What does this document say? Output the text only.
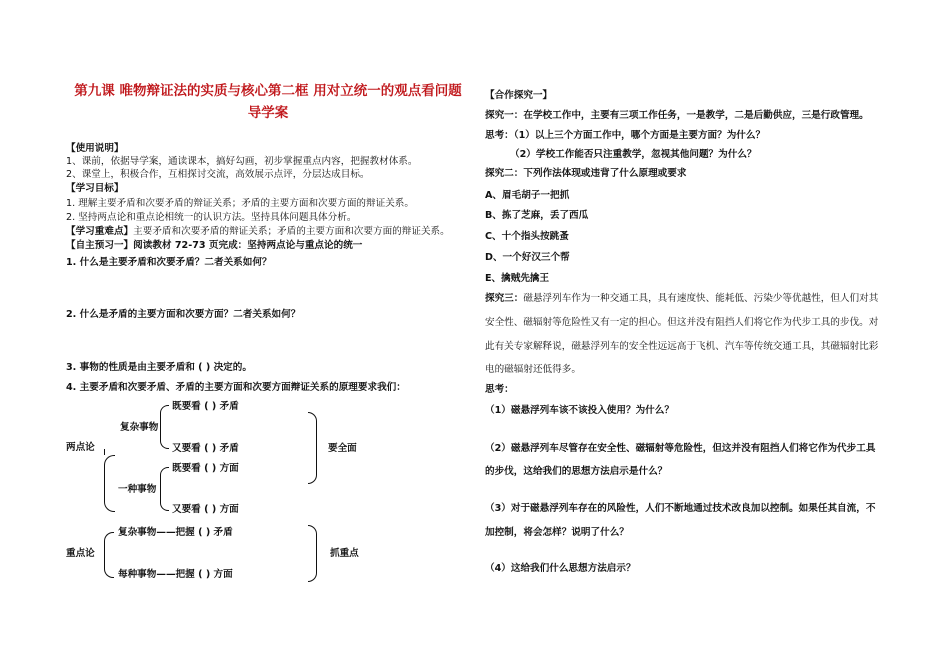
第九课 唯物辩证法的实质与核心第二框 用对立统一的观点看问题
导学案
【使用说明】
1、课前，依据导学案，通读课本，搞好勾画，初步掌握重点内容，把握教材体系。
2、课堂上，积极合作，互相探讨交流，高效展示点评，分层达成目标。
【学习目标】
1. 理解主要矛盾和次要矛盾的辩证关系；矛盾的主要方面和次要方面的辩证关系。
2. 坚持两点论和重点论相统一的认识方法。坚持具体问题具体分析。
【学习重难点】主要矛盾和次要矛盾的辩证关系；矛盾的主要方面和次要方面的辩证关系。
【自主预习一】阅读教材 72-73 页完成：坚持两点论与重点论的统一
1. 什么是主要矛盾和次要矛盾？二者关系如何？
2. 什么是矛盾的主要方面和次要方面？二者关系如何？
3. 事物的性质是由主要矛盾和 ( ) 决定的。
4. 主要矛盾和次要矛盾、矛盾的主要方面和次要方面辩证关系的原理要求我们：
两点论
复杂事物
一种事物
既要看 ( ) 矛盾
又要看 ( ) 矛盾
既要看 ( ) 方面
又要看 ( ) 方面
要全面
重点论
复杂事物——把握 ( ) 矛盾
每种事物——把握 ( ) 方面
抓重点
【合作探究一】
探究一：在学校工作中，主要有三项工作任务，一是教学，二是后勤供应，三是行政管理。
思考：（1）以上三个方面工作中，哪个方面是主要方面？为什么？
（2）学校工作能否只注重教学，忽视其他问题？为什么？
探究二：下列作法体现或违背了什么原理或要求
A、眉毛胡子一把抓
B、拣了芝麻，丢了西瓜
C、十个指头按跳蚤
D、一个好汉三个帮
E、擒贼先擒王
探究三：磁悬浮列车作为一种交通工具，具有速度快、能耗低、污染少等优越性，但人们对其
安全性、磁辐射等危险性又有一定的担心。但这并没有阻挡人们将它作为代步工具的步伐。对
此有关专家解释说，磁悬浮列车的安全性远远高于飞机、汽车等传统交通工具，其磁辐射比彩
电的磁辐射还低得多。
思考：
（1）磁悬浮列车该不该投入使用？为什么？
（2）磁悬浮列车尽管存在安全性、磁辐射等危险性，但这并没有阻挡人们将它作为代步工具
的步伐，这给我们的思想方法启示是什么？
（3）对于磁悬浮列车存在的风险性，人们不断地通过技术改良加以控制。如果任其自流，不
加控制，将会怎样？说明了什么？
（4）这给我们什么思想方法启示？
